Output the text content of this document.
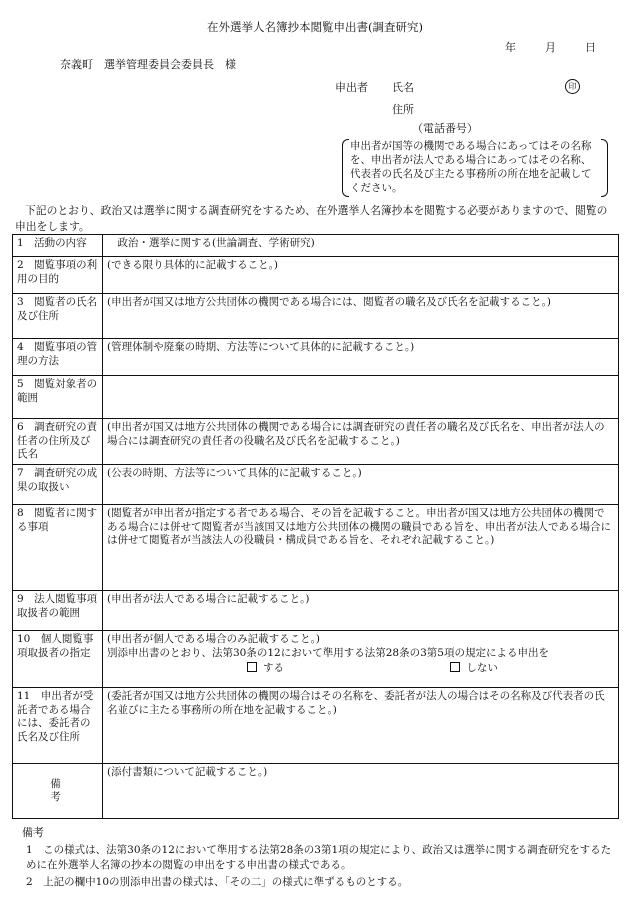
在外選挙人名簿抄本閲覧申出書(調査研究)
年	月	日
奈義町　選挙管理委員会委員長　様
申出者 氏名	印
住所
（電話番号）
申出者が国等の機関である場合にあってはその名称を、申出者が法人である場合にあってはその名称、代表者の氏名及び主たる事務所の所在地を記載してください。
下記のとおり、政治又は選挙に関する調査研究をするため、在外選挙人名簿抄本を閲覧する必要がありますので、閲覧の申出をします。
1　活動の内容	　政治・選挙に関する(世論調査、学術研究)
2　閲覧事項の利用の目的	(できる限り具体的に記載すること。)
3　閲覧者の氏名及び住所	(申出者が国又は地方公共団体の機関である場合には、閲覧者の職名及び氏名を記載すること。)
4　閲覧事項の管理の方法	(管理体制や廃棄の時期、方法等について具体的に記載すること。)
5　閲覧対象者の範囲	
6　調査研究の責任者の住所及び氏名	(申出者が国又は地方公共団体の機関である場合には調査研究の責任者の職名及び氏名を、申出者が法人の場合には調査研究の責任者の役職名及び氏名を記載すること。)
7　調査研究の成果の取扱い	(公表の時期、方法等について具体的に記載すること。)
8　閲覧者に関する事項	(閲覧者が申出者が指定する者である場合、その旨を記載すること。申出者が国又は地方公共団体の機関である場合には併せて閲覧者が当該国又は地方公共団体の機関の職員である旨を、申出者が法人である場合には併せて閲覧者が当該法人の役職員・構成員である旨を、それぞれ記載すること。)
9　法人閲覧事項取扱者の範囲	(申出者が法人である場合に記載すること。)
10　個人閲覧事項取扱者の指定	(申出者が個人である場合のみ記載すること。)
別添申出書のとおり、法第30条の12において準用する法第28条の3第5項の規定による申出を
する しない

11　申出者が受託者である場合には、委託者の氏名及び住所	(委託者が国又は地方公共団体の機関の場合はその名称を、委託者が法人の場合はその名称及び代表者の氏名並びに主たる事務所の所在地を記載すること。)
備考	(添付書類について記載すること。)
備考
1　この様式は、法第30条の12において準用する法第28条の3第1項の規定により、政治又は選挙に関する調査研究をするために在外選挙人名簿の抄本の閲覧の申出をする申出書の様式である。
2　上記の欄中10の別添申出書の様式は、「その二」の様式に準ずるものとする。
